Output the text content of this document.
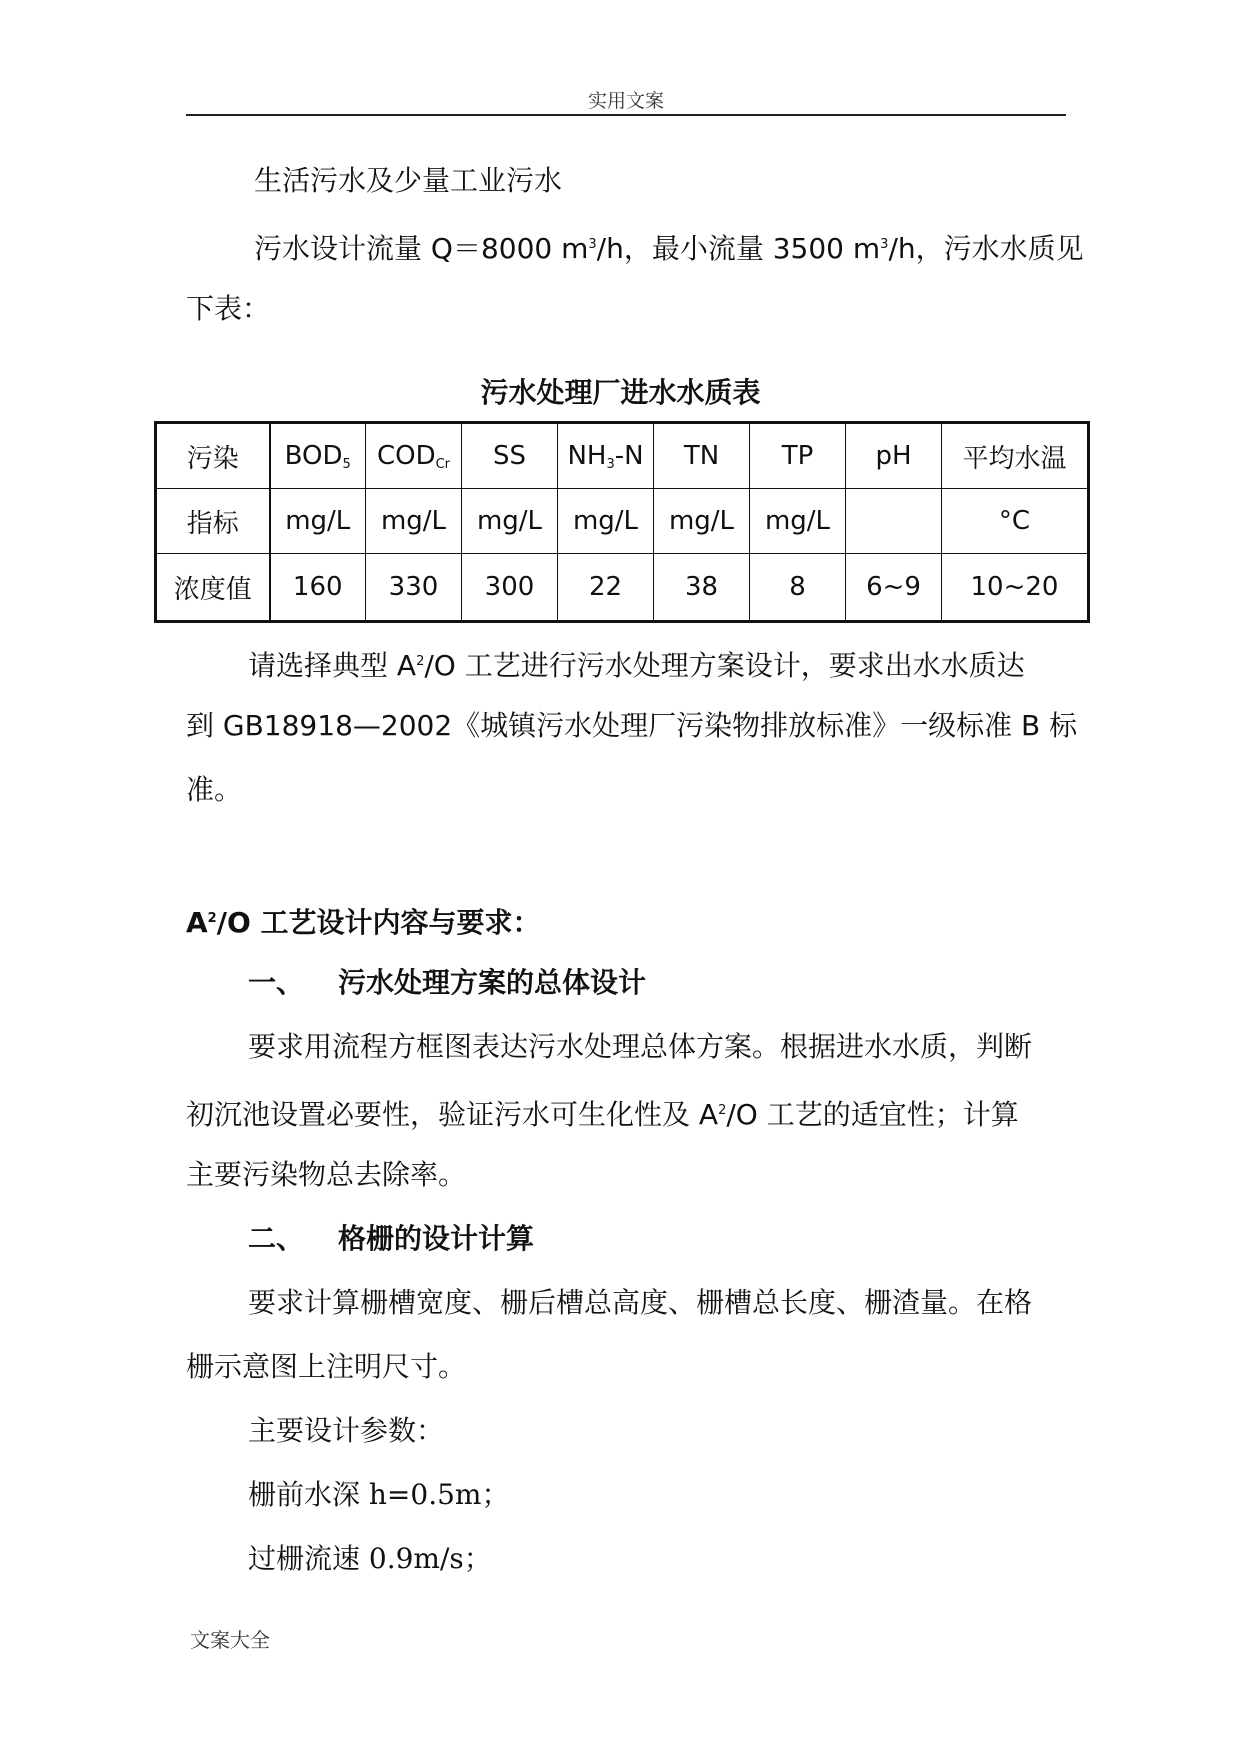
实用文案
生活污水及少量工业污水
污水设计流量 Q＝8000 $m^3/h$，最小流量 3500 $m^3/h$，污水水质见
下表：
污水处理厂进水水质表
污染	$BOD_5$	$COD_{Cr}$	SS	$NH_3-N$	TN	TP	pH	平均水温
指标	mg/L	mg/L	mg/L	mg/L	mg/L	mg/L		°C
浓度值	160	330	300	22	38	8	6~9	10~20
请选择典型 $A^2/O$ 工艺进行污水处理方案设计，要求出水水质达
到 GB18918—2002《城镇污水处理厂污染物排放标准》一级标准 B 标
准。
$A^2/O$ 工艺设计内容与要求：
一、 污水处理方案的总体设计
要求用流程方框图表达污水处理总体方案。根据进水水质，判断
初沉池设置必要性，验证污水可生化性及 $A^2/O$ 工艺的适宜性；计算
主要污染物总去除率。
二、 格栅的设计计算
要求计算栅槽宽度、栅后槽总高度、栅槽总长度、栅渣量。在格
栅示意图上注明尺寸。
主要设计参数：
栅前水深 h=0.5m；
过栅流速 0.9m/s；
文案大全
